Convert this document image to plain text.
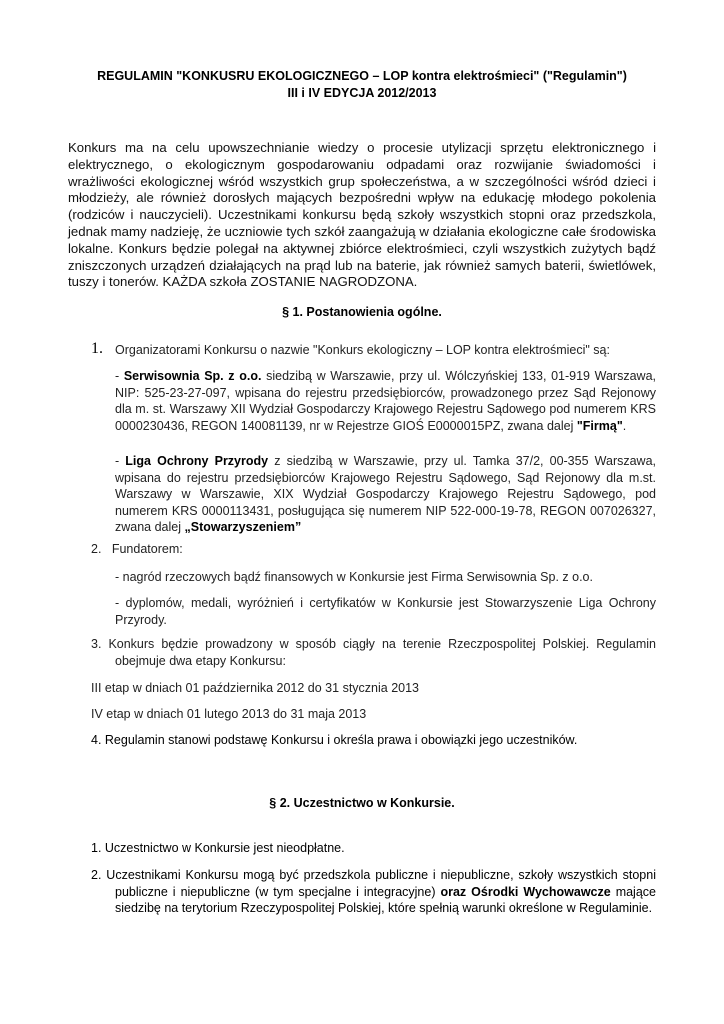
REGULAMIN "KONKUSRU EKOLOGICZNEGO – LOP kontra elektrośmieci" ("Regulamin")
III i IV EDYCJA 2012/2013
Konkurs ma na celu upowszechnianie wiedzy o procesie utylizacji sprzętu elektronicznego i elektrycznego, o ekologicznym gospodarowaniu odpadami oraz rozwijanie świadomości i wrażliwości ekologicznej wśród wszystkich grup społeczeństwa, a w szczególności wśród dzieci i młodzieży, ale również dorosłych mających bezpośredni wpływ na edukację młodego pokolenia (rodziców i nauczycieli). Uczestnikami konkursu będą szkoły wszystkich stopni oraz przedszkola, jednak mamy nadzieję, że uczniowie tych szkół zaangażują w działania ekologiczne całe środowiska lokalne. Konkurs będzie polegał na aktywnej zbiórce elektrośmieci, czyli wszystkich zużytych bądź zniszczonych urządzeń działających na prąd lub na baterie, jak również samych baterii, świetlówek, tuszy i tonerów. KAŻDA szkoła ZOSTANIE NAGRODZONA.
§ 1. Postanowienia ogólne.
1. Organizatorami Konkursu o nazwie "Konkurs ekologiczny – LOP kontra elektrośmieci" są:
- Serwisownia Sp. z o.o. siedzibą w Warszawie, przy ul. Wólczyńskiej 133, 01-919 Warszawa, NIP: 525-23-27-097, wpisana do rejestru przedsiębiorców, prowadzonego przez Sąd Rejonowy dla m. st. Warszawy XII Wydział Gospodarczy Krajowego Rejestru Sądowego pod numerem KRS 0000230436, REGON 140081139, nr w Rejestrze GIOŚ E0000015PZ, zwana dalej "Firmą".
- Liga Ochrony Przyrody z siedzibą w Warszawie, przy ul. Tamka 37/2, 00-355 Warszawa, wpisana do rejestru przedsiębiorców Krajowego Rejestru Sądowego, Sąd Rejonowy dla m.st. Warszawy w Warszawie, XIX Wydział Gospodarczy Krajowego Rejestru Sądowego, pod numerem KRS 0000113431, posługująca się numerem NIP 522-000-19-78, REGON 007026327, zwana dalej „Stowarzyszeniem”
2.   Fundatorem:
- nagród rzeczowych bądź finansowych w Konkursie jest Firma Serwisownia Sp. z o.o.
- dyplomów, medali, wyróżnień i certyfikatów w Konkursie jest Stowarzyszenie Liga Ochrony Przyrody.
3. Konkurs będzie prowadzony w sposób ciągły na terenie Rzeczpospolitej Polskiej. Regulamin obejmuje dwa etapy Konkursu:
III etap w dniach 01 października 2012 do 31 stycznia 2013
IV etap w dniach 01 lutego 2013 do 31 maja 2013
4. Regulamin stanowi podstawę Konkursu i określa prawa i obowiązki jego uczestników.
§ 2. Uczestnictwo w Konkursie.
1. Uczestnictwo w Konkursie jest nieodpłatne.
2. Uczestnikami Konkursu mogą być przedszkola publiczne i niepubliczne, szkoły wszystkich stopni publiczne i niepubliczne (w tym specjalne i integracyjne) oraz Ośrodki Wychowawcze mające siedzibę na terytorium Rzeczypospolitej Polskiej, które spełnią warunki określone w Regulaminie.
